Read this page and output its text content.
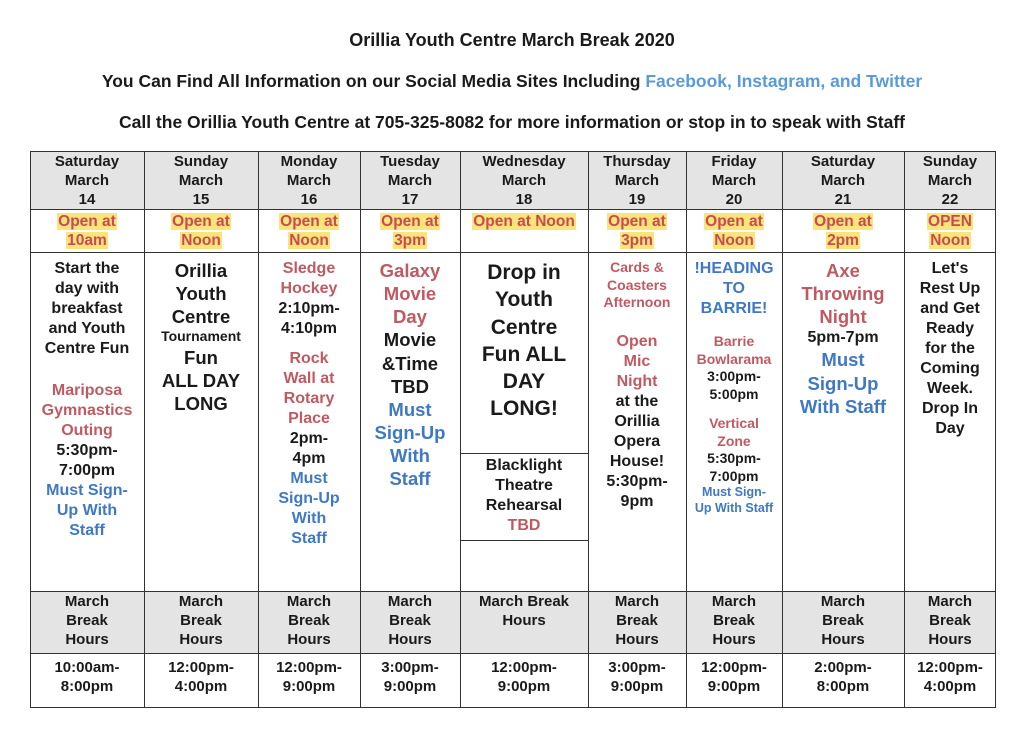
Orillia Youth Centre March Break 2020
You Can Find All Information on our Social Media Sites Including Facebook, Instagram, and Twitter
Call the Orillia Youth Centre at 705-325-8082 for more information or stop in to speak with Staff
Saturday
March
14
Open at
10am
March
Break
Hours
10:00am-
8:00pm
Sunday
March
15
Open at
Noon
March
Break
Hours
12:00pm-
4:00pm
Monday
March
16
Open at
Noon
March
Break
Hours
12:00pm-
9:00pm
Tuesday
March
17
Open at
3pm
March
Break
Hours
3:00pm-
9:00pm
Wednesday
March
18
Open at Noon
March Break
Hours
12:00pm-
9:00pm
Thursday
March
19
Open at
3pm
March
Break
Hours
3:00pm-
9:00pm
Friday
March
20
Open at
Noon
March
Break
Hours
12:00pm-
9:00pm
Saturday
March
21
Open at
2pm
March
Break
Hours
2:00pm-
8:00pm
Sunday
March
22
OPEN
Noon
March
Break
Hours
12:00pm-
4:00pm
Start the
day with
breakfast
and Youth
Centre Fun
Mariposa
Gymnastics
Outing
5:30pm-
7:00pm
Must Sign-
Up With
Staff
Orillia
Youth
Centre
Tournament
Fun
ALL DAY
LONG
Sledge
Hockey
2:10pm-
4:10pm
Rock
Wall at
Rotary
Place
2pm-
4pm
Must
Sign-Up
With
Staff
Galaxy
Movie
Day
Movie
&Time
TBD
Must
Sign-Up
With
Staff
Drop in
Youth
Centre
Fun ALL
DAY
LONG!
Blacklight
Theatre
Rehearsal
TBD
Cards &
Coasters
Afternoon
Open
Mic
Night
at the
Orillia
Opera
House!
5:30pm-
9pm
!HEADING
TO
BARRIE!
Barrie
Bowlarama
3:00pm-
5:00pm
Vertical
Zone
5:30pm-
7:00pm
Must Sign-
Up With Staff
Axe
Throwing
Night
5pm-7pm
Must
Sign-Up
With Staff
Let's
Rest Up
and Get
Ready
for the
Coming
Week.
Drop In
Day
